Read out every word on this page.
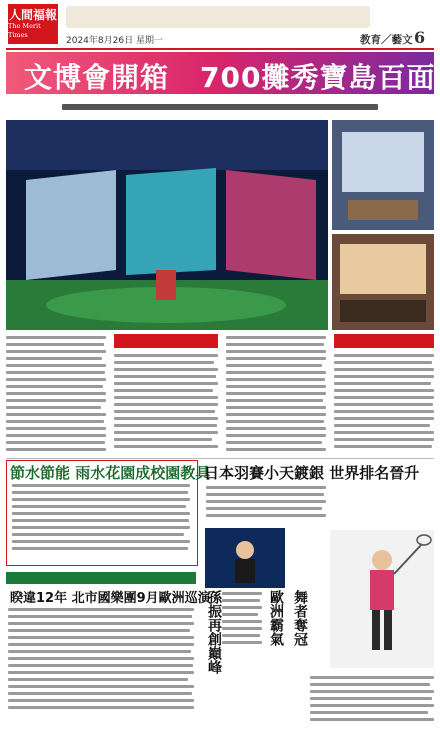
人間福報
The Merit Times
2024年8月26日 星期一	教育／藝文 6
文博會開箱 700攤秀寶島百面
節水節能 雨水花園成校園教具
睽違12年 北市國樂團9月歐洲巡演
日本羽賽小天鍍銀 世界排名晉升
孫振再創巔峰	歐洲霸氣 舞者奪冠
